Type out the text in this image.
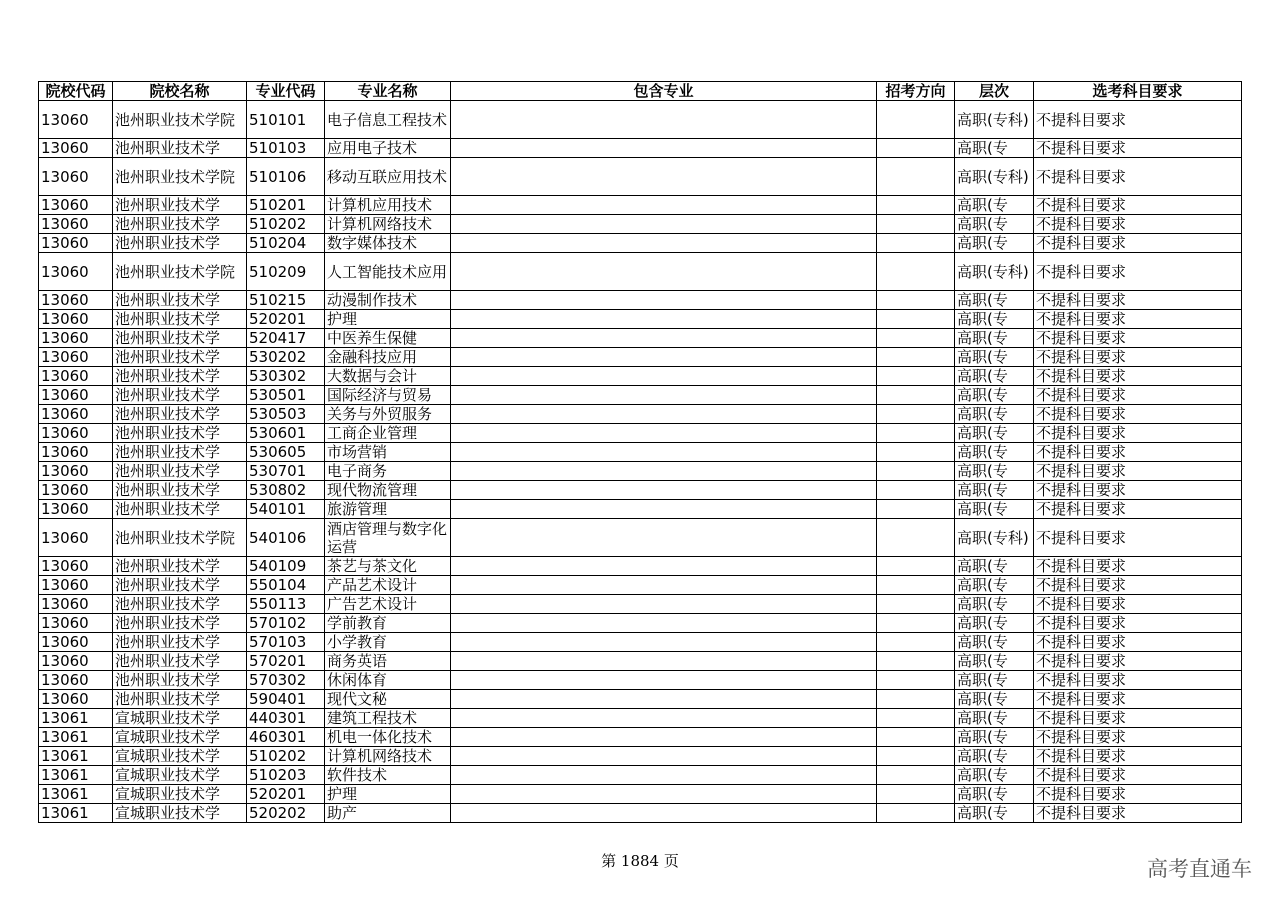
院校代码	院校名称	专业代码	专业名称	包含专业	招考方向	层次	选考科目要求
13060	池州职业技术学院	510101	电子信息工程技术			高职(专科)	不提科目要求
13060	池州职业技术学	510103	应用电子技术			高职(专	不提科目要求
13060	池州职业技术学院	510106	移动互联应用技术			高职(专科)	不提科目要求
13060	池州职业技术学	510201	计算机应用技术			高职(专	不提科目要求
13060	池州职业技术学	510202	计算机网络技术			高职(专	不提科目要求
13060	池州职业技术学	510204	数字媒体技术			高职(专	不提科目要求
13060	池州职业技术学院	510209	人工智能技术应用			高职(专科)	不提科目要求
13060	池州职业技术学	510215	动漫制作技术			高职(专	不提科目要求
13060	池州职业技术学	520201	护理			高职(专	不提科目要求
13060	池州职业技术学	520417	中医养生保健			高职(专	不提科目要求
13060	池州职业技术学	530202	金融科技应用			高职(专	不提科目要求
13060	池州职业技术学	530302	大数据与会计			高职(专	不提科目要求
13060	池州职业技术学	530501	国际经济与贸易			高职(专	不提科目要求
13060	池州职业技术学	530503	关务与外贸服务			高职(专	不提科目要求
13060	池州职业技术学	530601	工商企业管理			高职(专	不提科目要求
13060	池州职业技术学	530605	市场营销			高职(专	不提科目要求
13060	池州职业技术学	530701	电子商务			高职(专	不提科目要求
13060	池州职业技术学	530802	现代物流管理			高职(专	不提科目要求
13060	池州职业技术学	540101	旅游管理			高职(专	不提科目要求
13060	池州职业技术学院	540106	酒店管理与数字化运营			高职(专科)	不提科目要求
13060	池州职业技术学	540109	茶艺与茶文化			高职(专	不提科目要求
13060	池州职业技术学	550104	产品艺术设计			高职(专	不提科目要求
13060	池州职业技术学	550113	广告艺术设计			高职(专	不提科目要求
13060	池州职业技术学	570102	学前教育			高职(专	不提科目要求
13060	池州职业技术学	570103	小学教育			高职(专	不提科目要求
13060	池州职业技术学	570201	商务英语			高职(专	不提科目要求
13060	池州职业技术学	570302	休闲体育			高职(专	不提科目要求
13060	池州职业技术学	590401	现代文秘			高职(专	不提科目要求
13061	宣城职业技术学	440301	建筑工程技术			高职(专	不提科目要求
13061	宣城职业技术学	460301	机电一体化技术			高职(专	不提科目要求
13061	宣城职业技术学	510202	计算机网络技术			高职(专	不提科目要求
13061	宣城职业技术学	510203	软件技术			高职(专	不提科目要求
13061	宣城职业技术学	520201	护理			高职(专	不提科目要求
13061	宣城职业技术学	520202	助产			高职(专	不提科目要求
第 1884 页	高考直通车
